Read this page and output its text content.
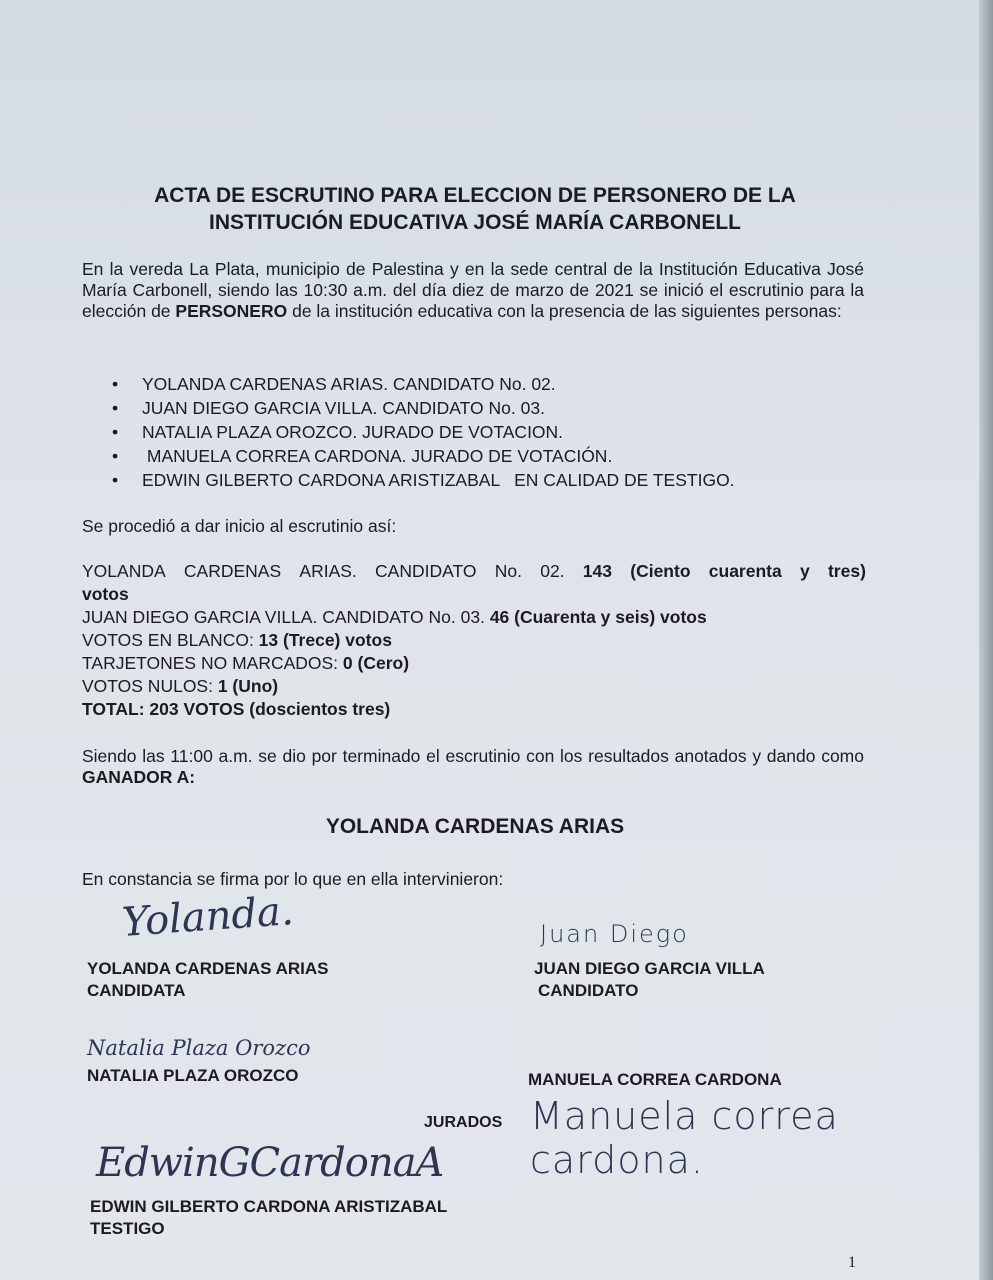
ACTA DE ESCRUTINO PARA ELECCION DE PERSONERO DE LA
INSTITUCIÓN EDUCATIVA JOSÉ MARÍA CARBONELL
En la vereda La Plata, municipio de Palestina y en la sede central de la Institución Educativa José María Carbonell, siendo las 10:30 a.m. del día diez de marzo de 2021 se inició el escrutinio para la elección de PERSONERO de la institución educativa con la presencia de las siguientes personas:
• YOLANDA CARDENAS ARIAS. CANDIDATO No. 02.
• JUAN DIEGO GARCIA VILLA. CANDIDATO No. 03.
• NATALIA PLAZA OROZCO. JURADO DE VOTACION.
•  MANUELA CORREA CARDONA. JURADO DE VOTACIÓN.
• EDWIN GILBERTO CARDONA ARISTIZABAL   EN CALIDAD DE TESTIGO.
Se procedió a dar inicio al escrutinio así:
YOLANDA CARDENAS ARIAS. CANDIDATO No. 02. 143 (Ciento cuarenta y tres)
votos
JUAN DIEGO GARCIA VILLA. CANDIDATO No. 03. 46 (Cuarenta y seis) votos
VOTOS EN BLANCO: 13 (Trece) votos
TARJETONES NO MARCADOS: 0 (Cero)
VOTOS NULOS: 1 (Uno)
TOTAL: 203 VOTOS (doscientos tres)
Siendo las 11:00 a.m. se dio por terminado el escrutinio con los resultados anotados y dando como GANADOR A:
YOLANDA CARDENAS ARIAS
En constancia se firma por lo que en ella intervinieron:
Yolanda.
YOLANDA CARDENAS ARIAS
CANDIDATA
Juan Diego
JUAN DIEGO GARCIA VILLA
CANDIDATO
Natalia Plaza Orozco
NATALIA PLAZA OROZCO	MANUELA CORREA CARDONA
JURADOS Manuela correa cardona.
EdwinGCardonaA
EDWIN GILBERTO CARDONA ARISTIZABAL
TESTIGO
1
